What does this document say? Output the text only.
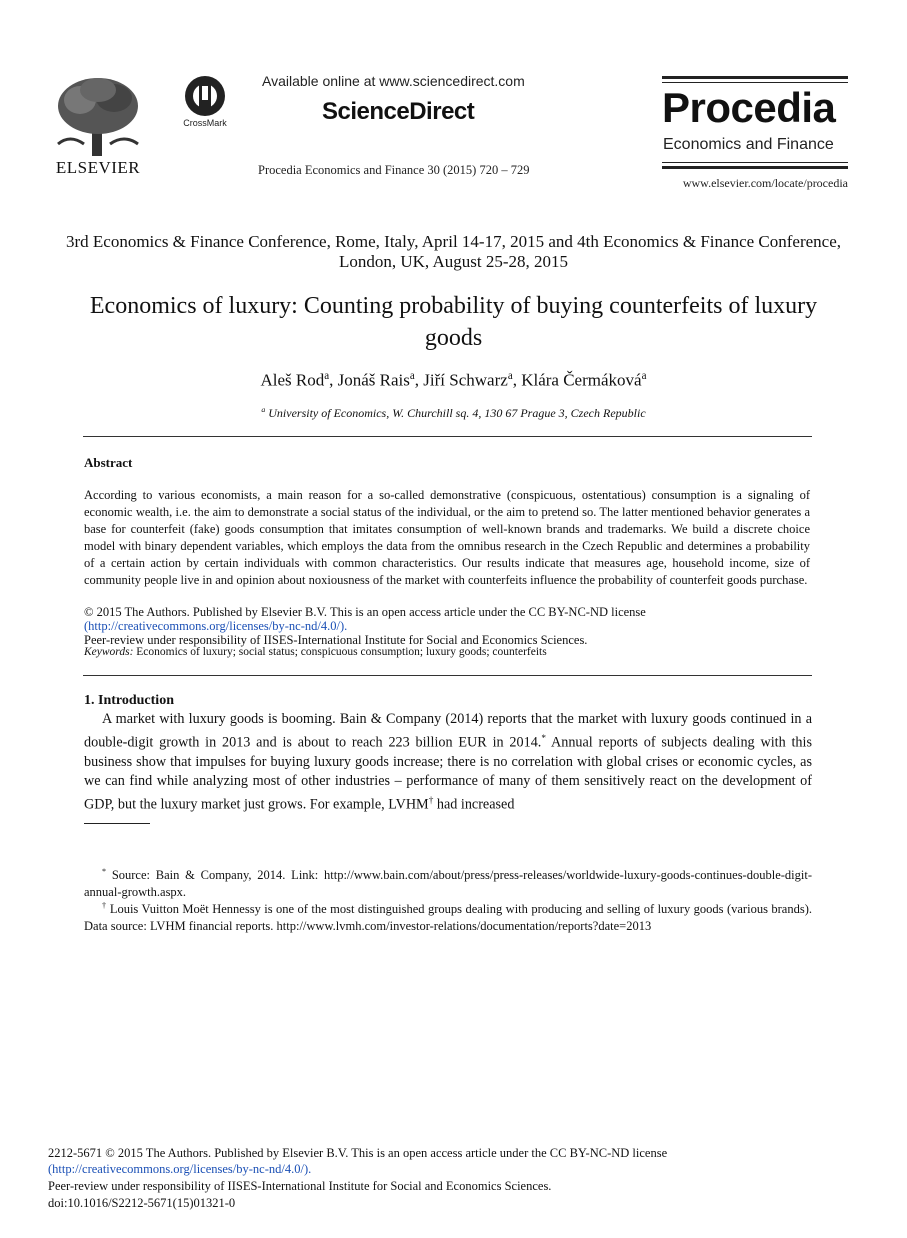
ELSEVIER
CrossMark
Available online at www.sciencedirect.com
ScienceDirect
Procedia Economics and Finance 30 (2015) 720 – 729
Procedia
Economics and Finance
www.elsevier.com/locate/procedia
3rd Economics & Finance Conference, Rome, Italy, April 14-17, 2015 and 4th Economics & Finance Conference, London, UK, August 25-28, 2015
Economics of luxury: Counting probability of buying counterfeits of luxury goods
Aleš Rod$^a$, Jonáš Rais$^a$, Jiří Schwarz$^a$, Klára Čermáková$^a$
$^a$ University of Economics, W. Churchill sq. 4, 130 67 Prague 3, Czech Republic
Abstract
According to various economists, a main reason for a so-called demonstrative (conspicuous, ostentatious) consumption is a signaling of economic wealth, i.e. the aim to demonstrate a social status of the individual, or the aim to pretend so. The latter mentioned behavior generates a base for counterfeit (fake) goods consumption that imitates consumption of well-known brands and trademarks. We build a discrete choice model with binary dependent variables, which employs the data from the omnibus research in the Czech Republic and determines a probability of a certain action by certain individuals with common characteristics. Our results indicate that measures age, household income, size of community people live in and opinion about noxiousness of the market with counterfeits influence the probability of counterfeit goods purchase.
© 2015 The Authors. Published by Elsevier B.V. This is an open access article under the CC BY-NC-ND license
(http://creativecommons.org/licenses/by-nc-nd/4.0/).
Peer-review under responsibility of IISES-International Institute for Social and Economics Sciences.
Keywords: Economics of luxury; social status; conspicuous consumption; luxury goods; counterfeits
1. Introduction
A market with luxury goods is booming. Bain & Company (2014) reports that the market with luxury goods continued in a double-digit growth in 2013 and is about to reach 223 billion EUR in 2014.* Annual reports of subjects dealing with this business show that impulses for buying luxury goods increase; there is no correlation with global crises or economic cycles, as we can find while analyzing most of other industries – performance of many of them sensitively react on the development of GDP, but the luxury market just grows. For example, LVHM† had increased
* Source: Bain & Company, 2014. Link: http://www.bain.com/about/press/press-releases/worldwide-luxury-goods-continues-double-digit-annual-growth.aspx.
† Louis Vuitton Moët Hennessy is one of the most distinguished groups dealing with producing and selling of luxury goods (various brands). Data source: LVHM financial reports. http://www.lvmh.com/investor-relations/documentation/reports?date=2013
2212-5671 © 2015 The Authors. Published by Elsevier B.V. This is an open access article under the CC BY-NC-ND license
(http://creativecommons.org/licenses/by-nc-nd/4.0/).
Peer-review under responsibility of IISES-International Institute for Social and Economics Sciences.
doi:10.1016/S2212-5671(15)01321-0
